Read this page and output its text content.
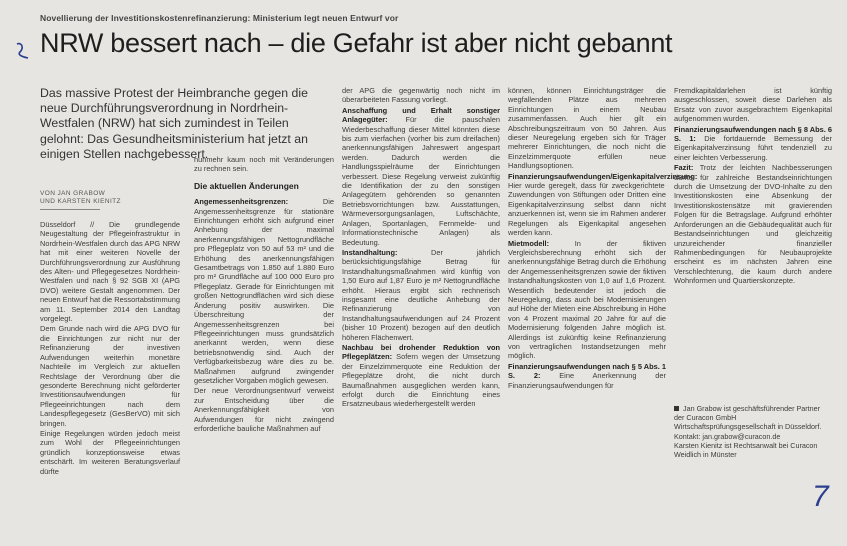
Novellierung der Investitionskostenrefinanzierung: Ministerium legt neuen Entwurf vor
NRW bessert nach – die Gefahr ist aber nicht gebannt
Das massive Protest der Heimbranche gegen die neue Durchführungsverordnung in Nordrhein-Westfalen (NRW) hat sich zumindest in Teilen gelohnt: Das Gesundheitsministerium hat jetzt an einigen Stellen nachgebessert.
VON JAN GRABOW
UND KARSTEN KIENITZ

Düsseldorf // Die grundlegende Neugestaltung der Pflegeinfrastruktur in Nordrhein-Westfalen durch das APG NRW hat mit einer weiteren Novelle der Durchführungsverordnung zur Ausführung des Alten- und Pflegegesetzes Nordrhein-Westfalen und nach § 92 SGB XI (APG DVO) weitere Gestalt angenommen. Der neuen Entwurf hat die Ressortabstimmung am 11. September 2014 den Landtag vorgelegt.

Dem Grunde nach wird die APG DVO für die Einrichtungen zur nicht nur der Refinanzierung der investiven Aufwendungen weiterhin monetäre Nachteile im Vergleich zur aktuellen Rechtslage der Verordnung über die gesonderte Berechnung nicht geförderter Investitionsaufwendungen für Pflegeeinrichtungen nach dem Landespflegegesetz (GesBerVO) mit sich bringen.

Einige Regelungen würden jedoch meist zum Wohl der Pflegeeinrichtungen gründlich konzeptionsweise etwas entschärft. Im weiteren Beratungsverlauf dürfte

nunmehr kaum noch mit Veränderungen zu rechnen sein.

Die aktuellen Änderungen

Angemessenheitsgrenzen: Die Angemessenheitsgrenze für stationäre Einrichtungen erhöht sich aufgrund einer Anhebung der maximal anerkennungsfähigen Nettogrundfläche pro Pflegeplatz von 50 auf 53 m² und die Erhöhung des anerkennungsfähigen Gesamtbetrags von 1.850 auf 1.880 Euro pro m² Grundfläche auf 100 000 Euro pro Pflegeplatz. Gerade für Einrichtungen mit großen Nettogrundflächen wird sich diese Änderung positiv auswirken. Die Überschreitung der Angemessenheitsgrenzen bei Pflegeeinrichtungen muss grundsätzlich anerkannt werden, wenn diese betriebsnotwendig sind. Auch der Verfügbarkeitsbezug wäre dies zu be. Maßnahmen aufgrund zwingender gesetzlicher Vorgaben möglich gewesen.

Der neue Verordnungsentwurf verweist zur Entscheidung über die Anerkennungsfähigkeit von Aufwendungen für nicht zwingend erforderliche bauliche Maßnahmen auf

der APG die gegenwärtig noch nicht im überarbeiteten Fassung vorliegt.

Anschaffung und Erhalt sonstiger Anlagegüter: Für die pauschalen Wiederbeschaffung dieser Mittel könnten diese bis zum vierfachen (vorher bis zum dreifachen) anerkennungsfähigen Jahreswert angespart werden. Dadurch werden die Handlungsspielräume der Einrichtungen verbessert. Diese Regelung verweist zukünftig die Identifikation der zu den sonstigen Anlagegütern gehörenden so genannten Betriebsvorrichtungen bzw. Ausstattungen, Wärmeversorgungsanlagen, Luftschächte, Anlagen, Sportanlagen, Fernmelde- und Informationstechnische Anlagen) als Bedeutung.

Instandhaltung: Der jährlich berücksichtigungsfähige Betrag für Instandhaltungsmaßnahmen wird künftig von 1,50 Euro auf 1,87 Euro je m² Nettogrundfläche erhöht. Hieraus ergibt sich rechnerisch insgesamt eine deutliche Anhebung der Refinanzierung von Instandhaltungsaufwendungen auf 24 Prozent (bisher 10 Prozent) bezogen auf den deutlich höheren Flächenwert.

Nachbau bei drohender Reduktion von Pflegeplätzen: Sofern wegen der Umsetzung der Einzelzimmerquote eine Reduktion der Pflegeplätze droht, die nicht durch Baumaßnahmen ausgeglichen werden kann, erfolgt durch die Einrichtung eines Ersatzneubaus wiederhergestellt werden

können, können Einrichtungsträger die wegfallenden Plätze aus mehreren Einrichtungen in einem Neubau zusammenfassen. Auch hier gilt ein Abschreibungszeitraum von 50 Jahren. Aus dieser Neuregelung ergeben sich für Träger mehrerer Einrichtungen, die noch nicht die Einzelzimmerquote erfüllen neue Handlungsoptionen.

Finanzierungsaufwendungen/Eigenkapitalverzinsung: Hier wurde geregelt, dass für zweckgerichtete Zuwendungen von Stiftungen oder Dritten eine Eigenkapitalverzinsung selbst dann nicht anzuerkennen ist, wenn sie im Rahmen anderer Regelungen als Eigenkapital angesehen werden kann.

Mietmodell: In der fiktiven Vergleichsberechnung erhöht sich der anerkennungsfähige Betrag durch die Erhöhung der Angemessenheitsgrenzen sowie der fiktiven Instandhaltungskosten von 1,0 auf 1,6 Prozent. Wesentlich bedeutender ist jedoch die Neuregelung, dass auch bei Modernisierungen auf Höhe der Mieten eine Abschreibung in Höhe von 4 Prozent maximal 20 Jahre für auf die Modernisierung folgenden Jahre möglich ist. Allerdings ist zukünftig keine Refinanzierung von vertraglichen Instandsetzungen mehr möglich.

Finanzierungsaufwendungen nach § 5 Abs. 1 S. 2: Eine Anerkennung der Finanzierungsaufwendungen für

Fremdkapitaldarlehen ist künftig ausgeschlossen, soweit diese Darlehen als Ersatz von zuvor ausgebrachtem Eigenkapital aufgenommen wurden.

Finanzierungsaufwendungen nach § 8 Abs. 6 S. 1: Die fortdauernde Bemessung der Eigenkapitalverzinsung führt tendenziell zu einer leichten Verbesserung.

Fazit: Trotz der leichten Nachbesserungen dürfte für zahlreiche Bestandseinrichtungen durch die Umsetzung der DVO-Inhalte zu den Investitionskosten eine Absenkung der Investitionskostensätze mit gravierenden Folgen für die Betragslage. Aufgrund erhöhter Anforderungen an die Gebäudequalität auch für Bestandseinrichtungen und gleichzeitig unzureichender finanzieller Rahmenbedingungen für Neubauprojekte erscheint es im nächsten Jahren eine Verschlechterung, die kaum durch andere Wohnformen und Quartierskonzepte.

Jan Grabow ist geschäftsführender Partner der Curacon GmbH Wirtschaftsprüfungsgesellschaft in Düsseldorf.
Kontakt: jan.grabow@curacon.de
Karsten Kienitz ist Rechtsanwalt bei Curacon Weidlich in Münster
7
